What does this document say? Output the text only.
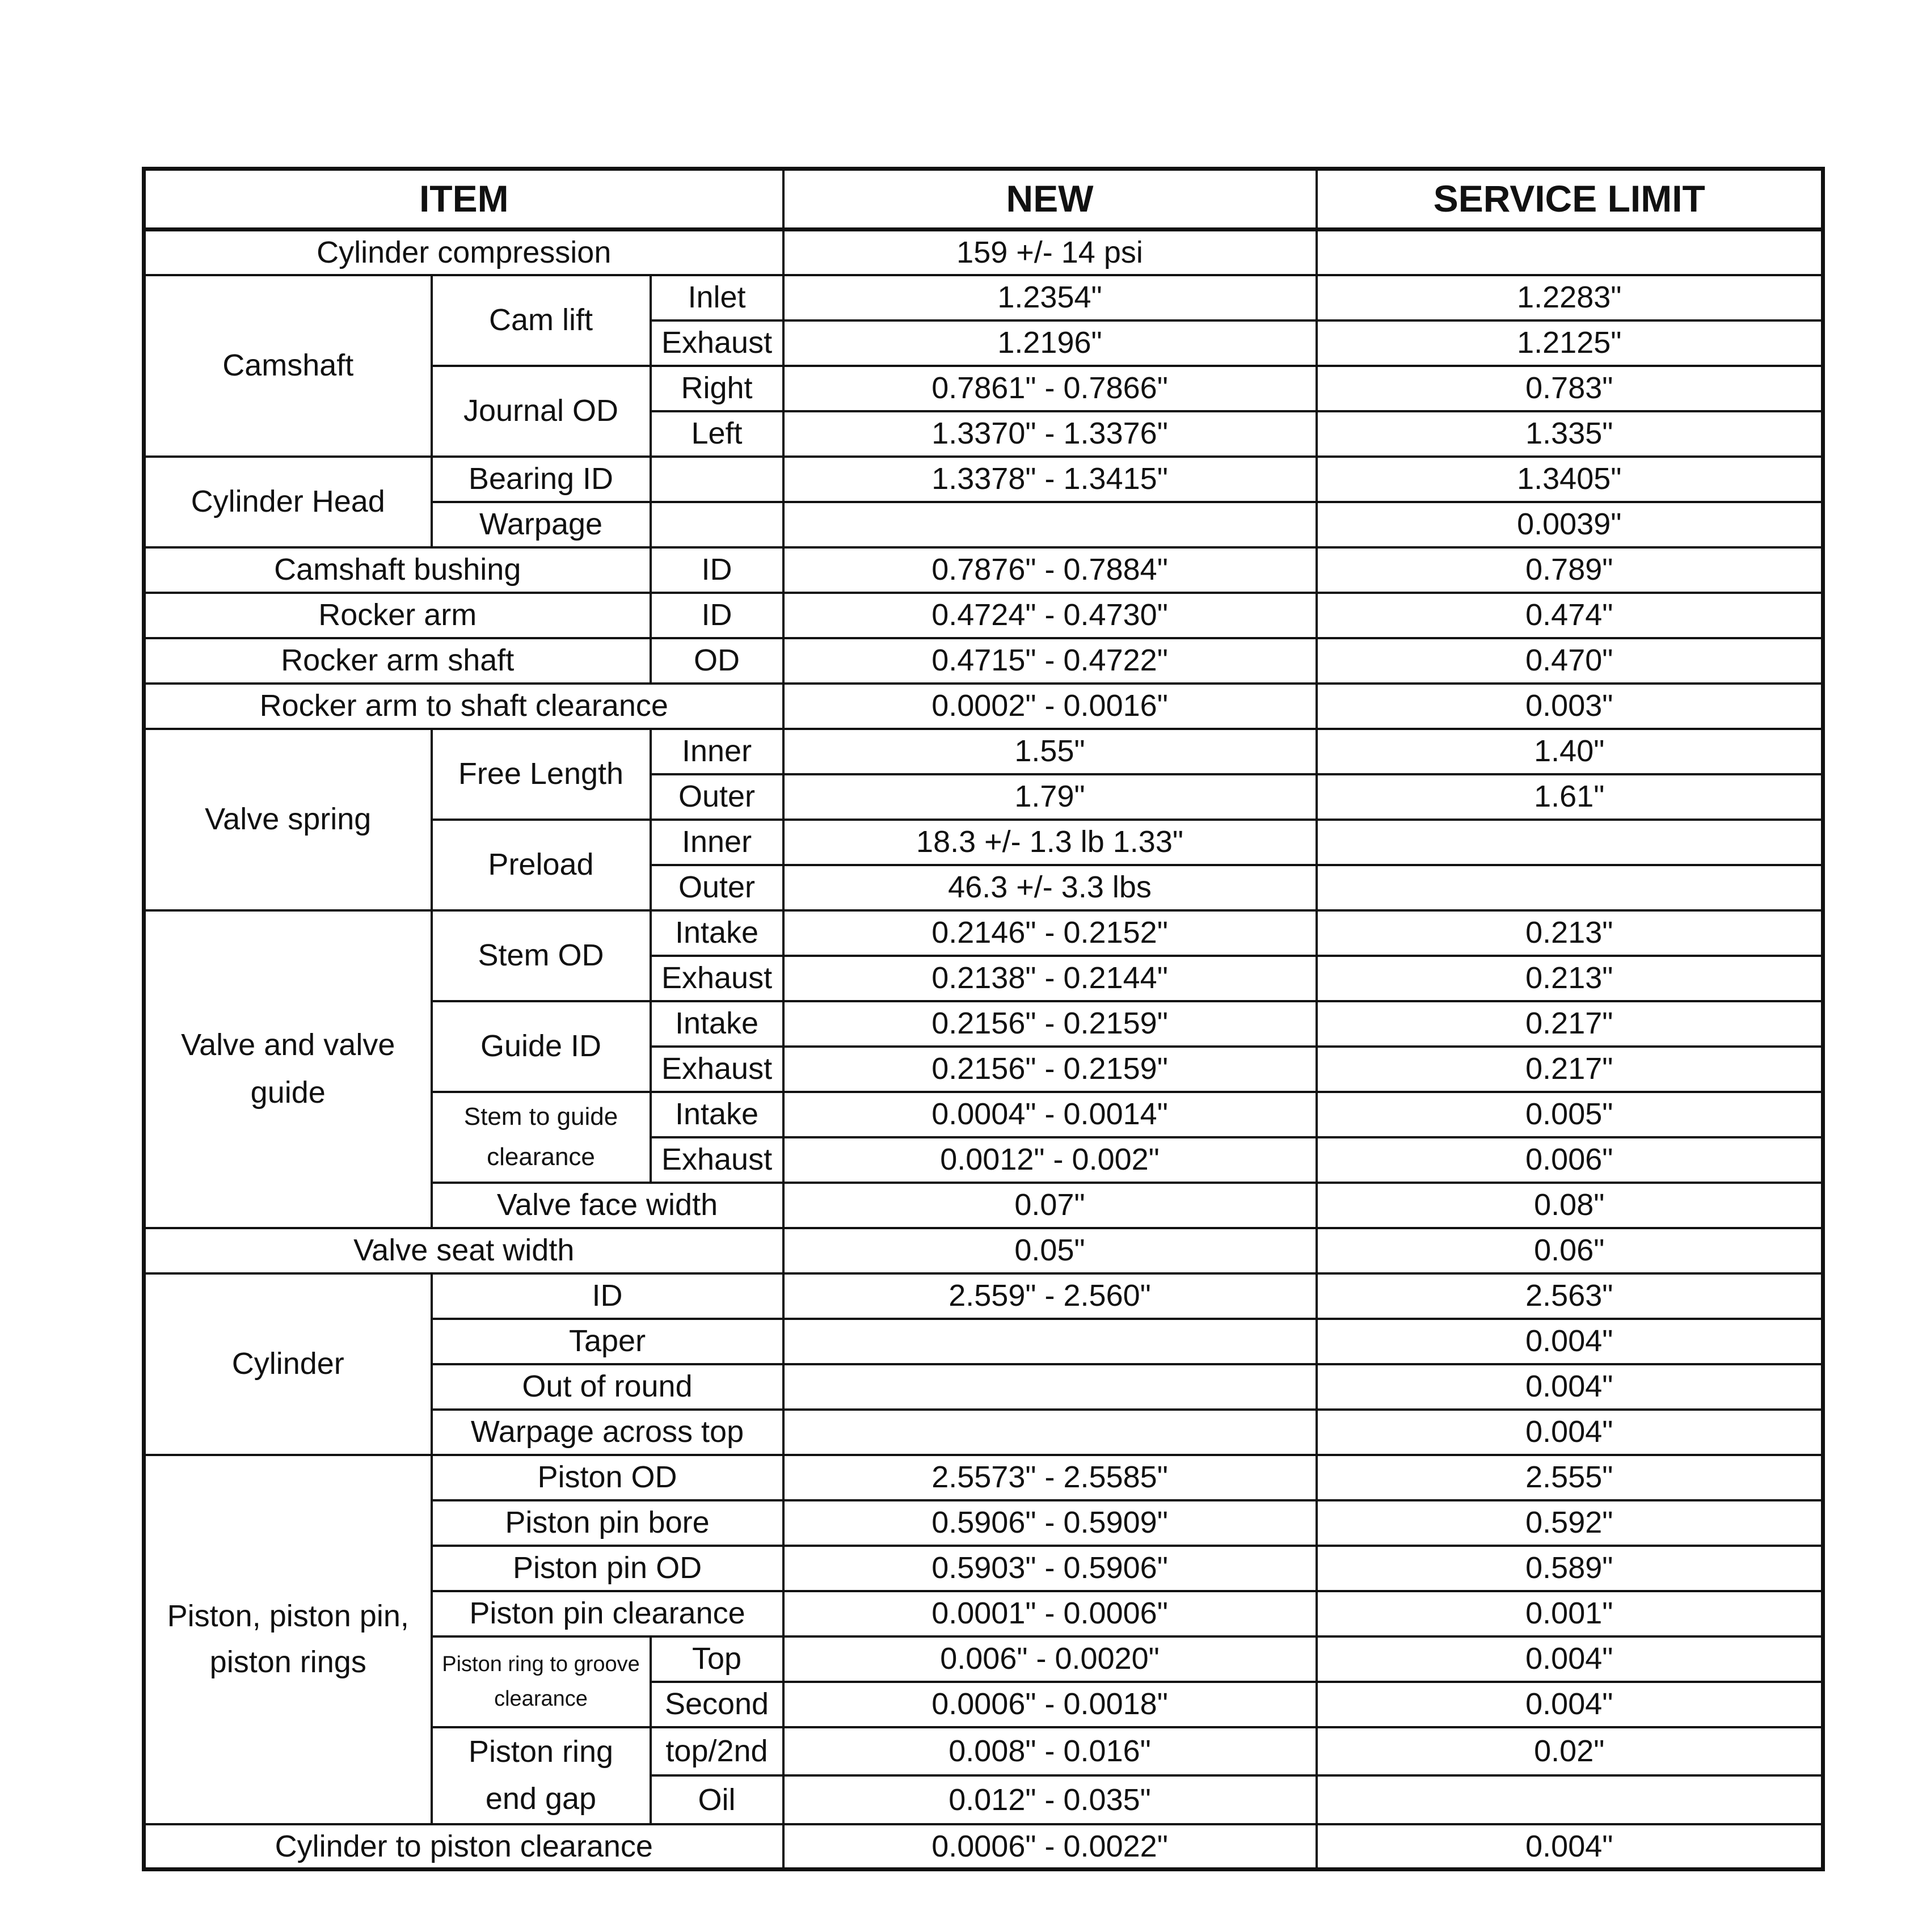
ITEM			NEW	SERVICE LIMIT
Cylinder compression			159 +/- 14 psi	
Camshaft	Cam lift	Inlet	1.2354"	1.2283"
		Exhaust	1.2196"	1.2125"
	Journal OD	Right	0.7861" - 0.7866"	0.783"
		Left	1.3370" - 1.3376"	1.335"
Cylinder Head	Bearing ID		1.3378" - 1.3415"	1.3405"
	Warpage			0.0039"
Camshaft bushing		ID	0.7876" - 0.7884"	0.789"
Rocker arm		ID	0.4724" - 0.4730"	0.474"
Rocker arm shaft		OD	0.4715" - 0.4722"	0.470"
Rocker arm to shaft clearance			0.0002" - 0.0016"	0.003"
Valve spring	Free Length	Inner	1.55"	1.40"
		Outer	1.79"	1.61"
	Preload	Inner	18.3 +/- 1.3 lb 1.33"	
		Outer	46.3 +/- 3.3 lbs	
Valve and valve guide	Stem OD	Intake	0.2146" - 0.2152"	0.213"
		Exhaust	0.2138" - 0.2144"	0.213"
	Guide ID	Intake	0.2156" - 0.2159"	0.217"
		Exhaust	0.2156" - 0.2159"	0.217"
	Stem to guide clearance	Intake	0.0004" - 0.0014"	0.005"
		Exhaust	0.0012" - 0.002"	0.006"
	Valve face width		0.07"	0.08"
Valve seat width			0.05"	0.06"
Cylinder	ID		2.559" - 2.560"	2.563"
	Taper			0.004"
	Out of round			0.004"
	Warpage across top			0.004"
Piston, piston pin, piston rings	Piston OD		2.5573" - 2.5585"	2.555"
	Piston pin bore		0.5906" - 0.5909"	0.592"
	Piston pin OD		0.5903" - 0.5906"	0.589"
	Piston pin clearance		0.0001" - 0.0006"	0.001"
	Piston ring to groove clearance	Top	0.006" - 0.0020"	0.004"
		Second	0.0006" - 0.0018"	0.004"
	Piston ring end gap	top/2nd	0.008" - 0.016"	0.02"
		Oil	0.012" - 0.035"	
Cylinder to piston clearance			0.0006" - 0.0022"	0.004"
